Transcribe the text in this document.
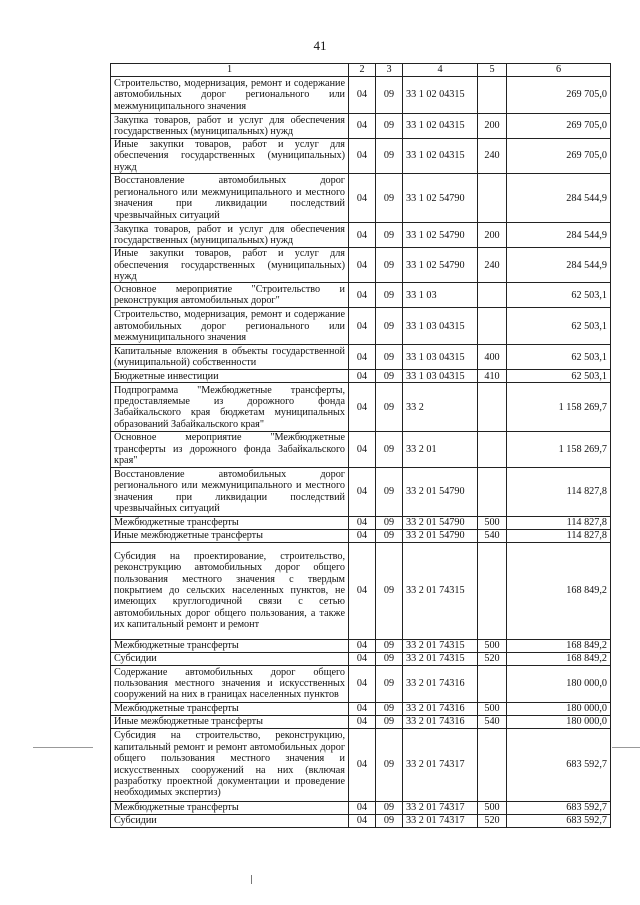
41
1	2	3	4	5	6
Строительство, модернизация, ремонт и содержание автомобильных дорог регионального или межмуниципального значения	04	09	33 1 02 04315		269 705,0
Закупка товаров, работ и услуг для обеспечения государственных (муниципальных) нужд	04	09	33 1 02 04315	200	269 705,0
Иные закупки товаров, работ и услуг для обеспечения государственных (муниципальных) нужд	04	09	33 1 02 04315	240	269 705,0
Восстановление автомобильных дорог регионального или межмуниципального и местного значения при ликвидации последствий чрезвычайных ситуаций	04	09	33 1 02 54790		284 544,9
Закупка товаров, работ и услуг для обеспечения государственных (муниципальных) нужд	04	09	33 1 02 54790	200	284 544,9
Иные закупки товаров, работ и услуг для обеспечения государственных (муниципальных) нужд	04	09	33 1 02 54790	240	284 544,9
Основное мероприятие "Строительство и реконструкция автомобильных дорог"	04	09	33 1 03		62 503,1
Строительство, модернизация, ремонт и содержание автомобильных дорог регионального или межмуниципального значения	04	09	33 1 03 04315		62 503,1
Капитальные вложения в объекты государственной (муниципальной) собственности	04	09	33 1 03 04315	400	62 503,1
Бюджетные инвестиции	04	09	33 1 03 04315	410	62 503,1
Подпрограмма "Межбюджетные трансферты, предоставляемые из дорожного фонда Забайкальского края бюджетам муниципальных образований Забайкальского края"	04	09	33 2		1 158 269,7
Основное мероприятие "Межбюджетные трансферты из дорожного фонда Забайкальского края"	04	09	33 2 01		1 158 269,7
Восстановление автомобильных дорог регионального или межмуниципального и местного значения при ликвидации последствий чрезвычайных ситуаций	04	09	33 2 01 54790		114 827,8
Межбюджетные трансферты	04	09	33 2 01 54790	500	114 827,8
Иные межбюджетные трансферты	04	09	33 2 01 54790	540	114 827,8
Субсидия на проектирование, строительство, реконструкцию автомобильных дорог общего пользования местного значения с твердым покрытием до сельских населенных пунктов, не имеющих круглогодичной связи с сетью автомобильных дорог общего пользования, а также их капитальный ремонт и ремонт	04	09	33 2 01 74315		168 849,2
Межбюджетные трансферты	04	09	33 2 01 74315	500	168 849,2
Субсидии	04	09	33 2 01 74315	520	168 849,2
Содержание автомобильных дорог общего пользования местного значения и искусственных сооружений на них в границах населенных пунктов	04	09	33 2 01 74316		180 000,0
Межбюджетные трансферты	04	09	33 2 01 74316	500	180 000,0
Иные межбюджетные трансферты	04	09	33 2 01 74316	540	180 000,0
Субсидия на строительство, реконструкцию, капитальный ремонт и ремонт автомобильных дорог общего пользования местного значения и искусственных сооружений на них (включая разработку проектной документации и проведение необходимых экспертиз)	04	09	33 2 01 74317		683 592,7
Межбюджетные трансферты	04	09	33 2 01 74317	500	683 592,7
Субсидии	04	09	33 2 01 74317	520	683 592,7
